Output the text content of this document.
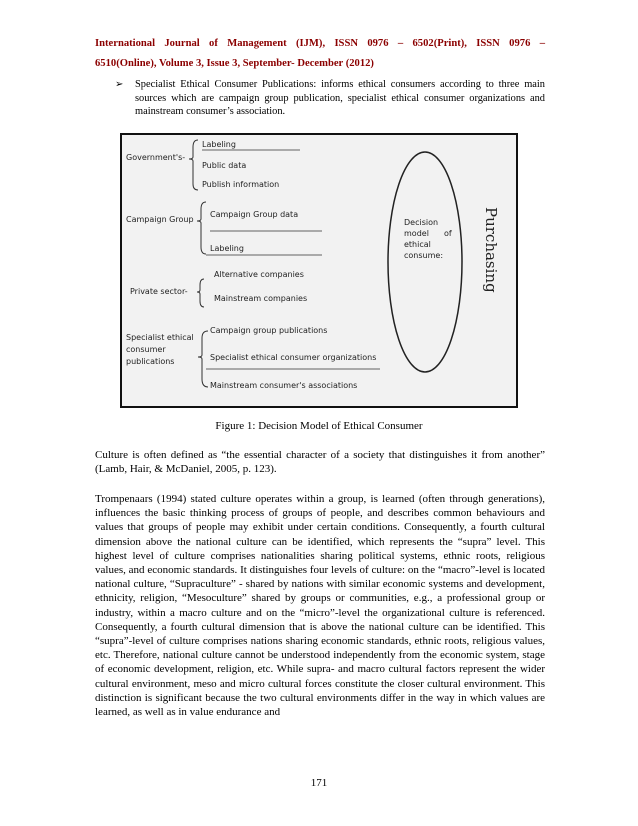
International Journal of Management (IJM), ISSN 0976 – 6502(Print), ISSN 0976 –
6510(Online), Volume 3, Issue 3, September- December (2012)
➢ Specialist Ethical Consumer Publications: informs ethical consumers according to three main sources which are campaign group publication, specialist ethical consumer organizations and mainstream consumer’s association.
Government's-
Labeling
Public data
Publish information
Campaign Group
Campaign Group data
Labeling
Private sector-
Alternative companies
Mainstream companies
Specialist ethical
consumer
publications
Campaign group publications
Specialist ethical consumer organizations
Mainstream consumer's associations
Decision
model of
ethical
consume:	Purchasing
Figure 1: Decision Model of Ethical Consumer

Culture is often defined as “the essential character of a society that distinguishes it from another” (Lamb, Hair, & McDaniel, 2005, p. 123).

Trompenaars (1994) stated culture operates within a group, is learned (often through generations), influences the basic thinking process of groups of people, and describes common behaviours and values that groups of people may exhibit under certain conditions. Consequently, a fourth cultural dimension above the national culture can be identified, which represents the “supra” level. This highest level of culture comprises nationalities sharing political systems, ethnic roots, religious values, and economic standards. It distinguishes four levels of culture: on the “macro”-level is located national culture, “Supraculture” - shared by nations with similar economic systems and development, ethnicity, religion, “Mesoculture” shared by groups or communities, e.g., a professional group or industry, within a macro culture and on the “micro”-level the organizational culture is referenced. Consequently, a fourth cultural dimension that is above the national culture can be identified. This “supra”-level of culture comprises nations sharing economic standards, ethnic roots, religious values, etc. Therefore, national culture cannot be understood independently from the economic system, stage of economic development, religion, etc. While supra- and macro cultural factors represent the wider cultural environment, meso and micro cultural forces constitute the closer cultural environment. This distinction is significant because the two cultural environments differ in the way in which values are learned, as well as in value endurance and

171
